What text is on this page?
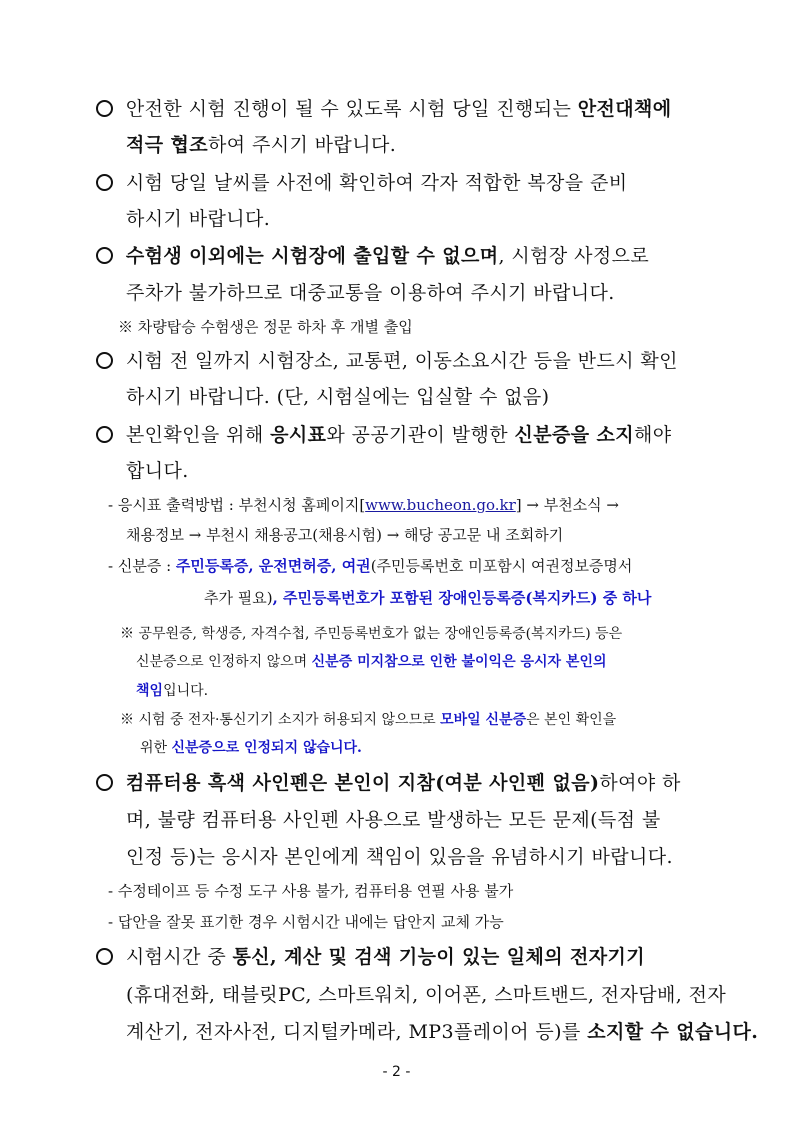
안전한 시험 진행이 될 수 있도록 시험 당일 진행되는 안전대책에
적극 협조하여 주시기 바랍니다.
시험 당일 날씨를 사전에 확인하여 각자 적합한 복장을 준비
하시기 바랍니다.
수험생 이외에는 시험장에 출입할 수 없으며, 시험장 사정으로
주차가 불가하므로 대중교통을 이용하여 주시기 바랍니다.
※ 차량탑승 수험생은 정문 하차 후 개별 출입
시험 전 일까지 시험장소, 교통편, 이동소요시간 등을 반드시 확인
하시기 바랍니다. (단, 시험실에는 입실할 수 없음)
본인확인을 위해 응시표와 공공기관이 발행한 신분증을 소지해야
합니다.
- 응시표 출력방법 : 부천시청 홈페이지[www.bucheon.go.kr] → 부천소식 →
채용정보 → 부천시 채용공고(채용시험) → 해당 공고문 내 조회하기
- 신분증 : 주민등록증, 운전면허증, 여권(주민등록번호 미포함시 여권정보증명서
추가 필요), 주민등록번호가 포함된 장애인등록증(복지카드) 중 하나
※ 공무원증, 학생증, 자격수첩, 주민등록번호가 없는 장애인등록증(복지카드) 등은
신분증으로 인정하지 않으며 신분증 미지참으로 인한 불이익은 응시자 본인의
책임입니다.
※ 시험 중 전자·통신기기 소지가 허용되지 않으므로 모바일 신분증은 본인 확인을
위한 신분증으로 인정되지 않습니다.
컴퓨터용 흑색 사인펜은 본인이 지참(여분 사인펜 없음)하여야 하
며, 불량 컴퓨터용 사인펜 사용으로 발생하는 모든 문제(득점 불
인정 등)는 응시자 본인에게 책임이 있음을 유념하시기 바랍니다.
- 수정테이프 등 수정 도구 사용 불가, 컴퓨터용 연필 사용 불가
- 답안을 잘못 표기한 경우 시험시간 내에는 답안지 교체 가능
시험시간 중 통신, 계산 및 검색 기능이 있는 일체의 전자기기
(휴대전화, 태블릿PC, 스마트워치, 이어폰, 스마트밴드, 전자담배, 전자
계산기, 전자사전, 디지털카메라, MP3플레이어 등)를 소지할 수 없습니다.
- 2 -
